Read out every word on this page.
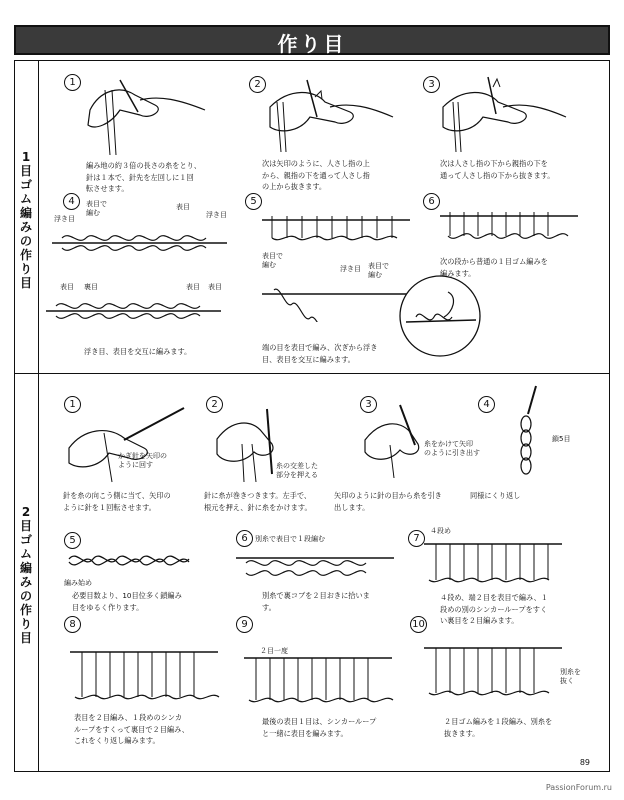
作り目
1
目
ゴ
ム
編
み
の
作
り
目
2
目
ゴ
ム
編
み
の
作
り
目
1
編み地の約３倍の長さの糸をとり、
針は１本で、針先を左回しに１回
転させます。
2
次は矢印のように、人さし指の上
から、親指の下を通って人さし指
の上から抜きます。
3
次は人さし指の下から親指の下を
通って人さし指の下から抜きます。
4
浮き目
表目で
編む
表目
浮き目
表目 裏目	表目 表目
浮き目、表目を交互に編みます。
5
表目で
編む	浮き目 表目で
編む
端の目を表目で編み、次ぎから浮き
目、表目を交互に編みます。
6
次の段から普通の１目ゴム編みを
編みます。
1
かぎ針を矢印の
ように回す
針を糸の向こう側に当て、矢印の
ように針を１回転させます。
2
糸の交差した
部分を押える
針に糸が巻きつきます。左手で、
根元を押え、針に糸をかけます。
3
糸をかけて矢印
のように引き出す
矢印のように針の目から糸を引き
出します。
4
鎖5目
同様にくり返し
5
編み始め
必要目数より、10目位多く鎖編み
目をゆるく作ります。
6	別糸で表目で１段編む
別糸で裏コブを２目おきに拾いま
す。
7
４段め
４段め、端２目を表目で編み、１
段めの別のシンカーループをすく
い裏目を２目編みます。
8
表目を２目編み、１段めのシンカ
ループをすくって裏目で２目編み、
これをくり返し編みます。
9
２目一度
最後の表目１目は、シンカーループ
と一緒に表目を編みます。
10
別糸を
抜く
２目ゴム編みを１段編み、別糸を
抜きます。
89
PassionForum.ru
